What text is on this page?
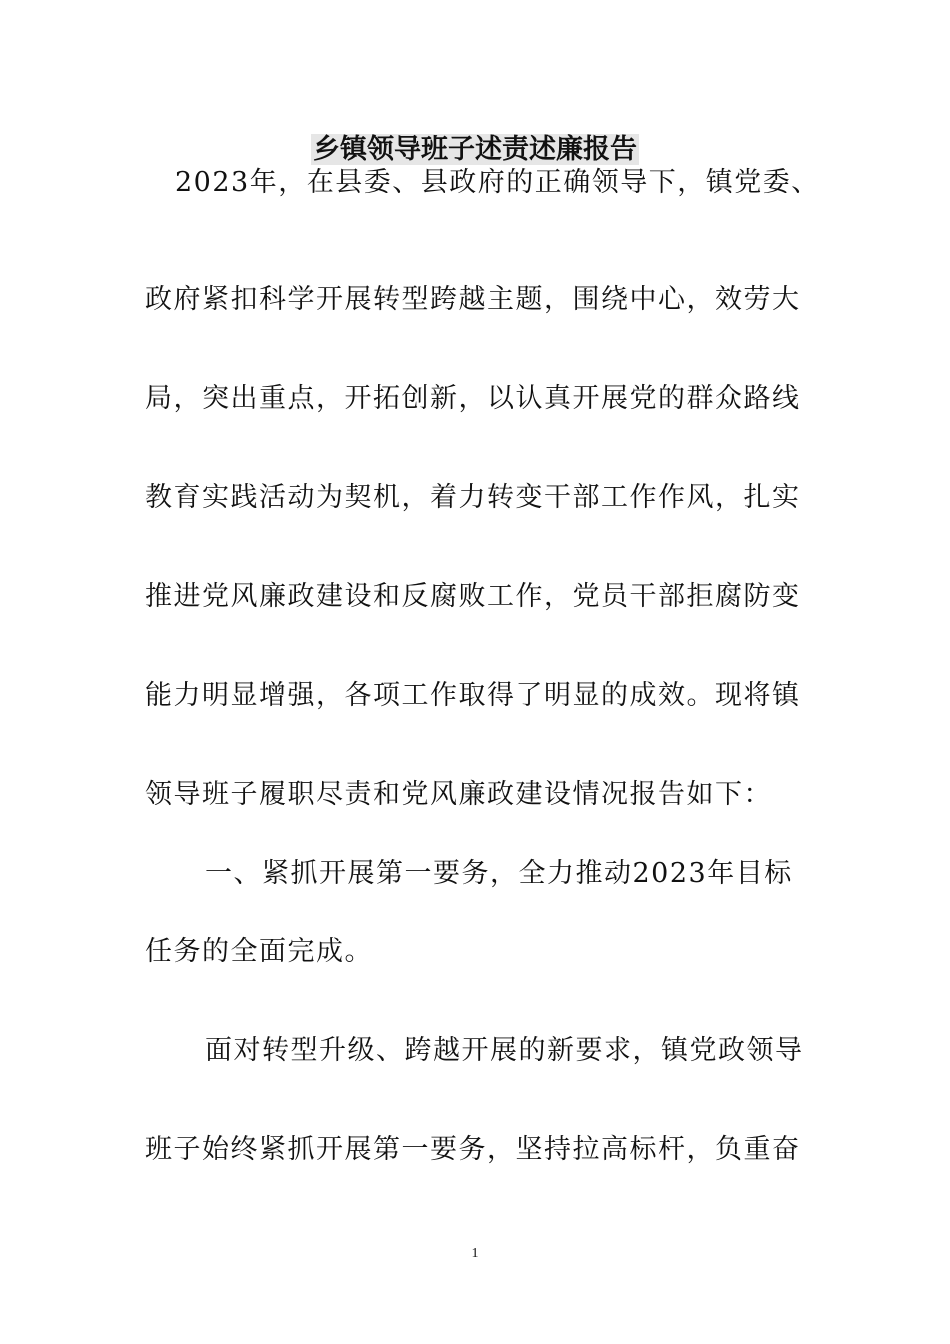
乡镇领导班子述责述廉报告
2023年，在县委、县政府的正确领导下，镇党委、
政府紧扣科学开展转型跨越主题，围绕中心，效劳大
局，突出重点，开拓创新，以认真开展党的群众路线
教育实践活动为契机，着力转变干部工作作风，扎实
推进党风廉政建设和反腐败工作，党员干部拒腐防变
能力明显增强，各项工作取得了明显的成效。现将镇
领导班子履职尽责和党风廉政建设情况报告如下：
一、紧抓开展第一要务，全力推动2023年目标
任务的全面完成。
面对转型升级、跨越开展的新要求，镇党政领导
班子始终紧抓开展第一要务，坚持拉高标杆，负重奋
1
